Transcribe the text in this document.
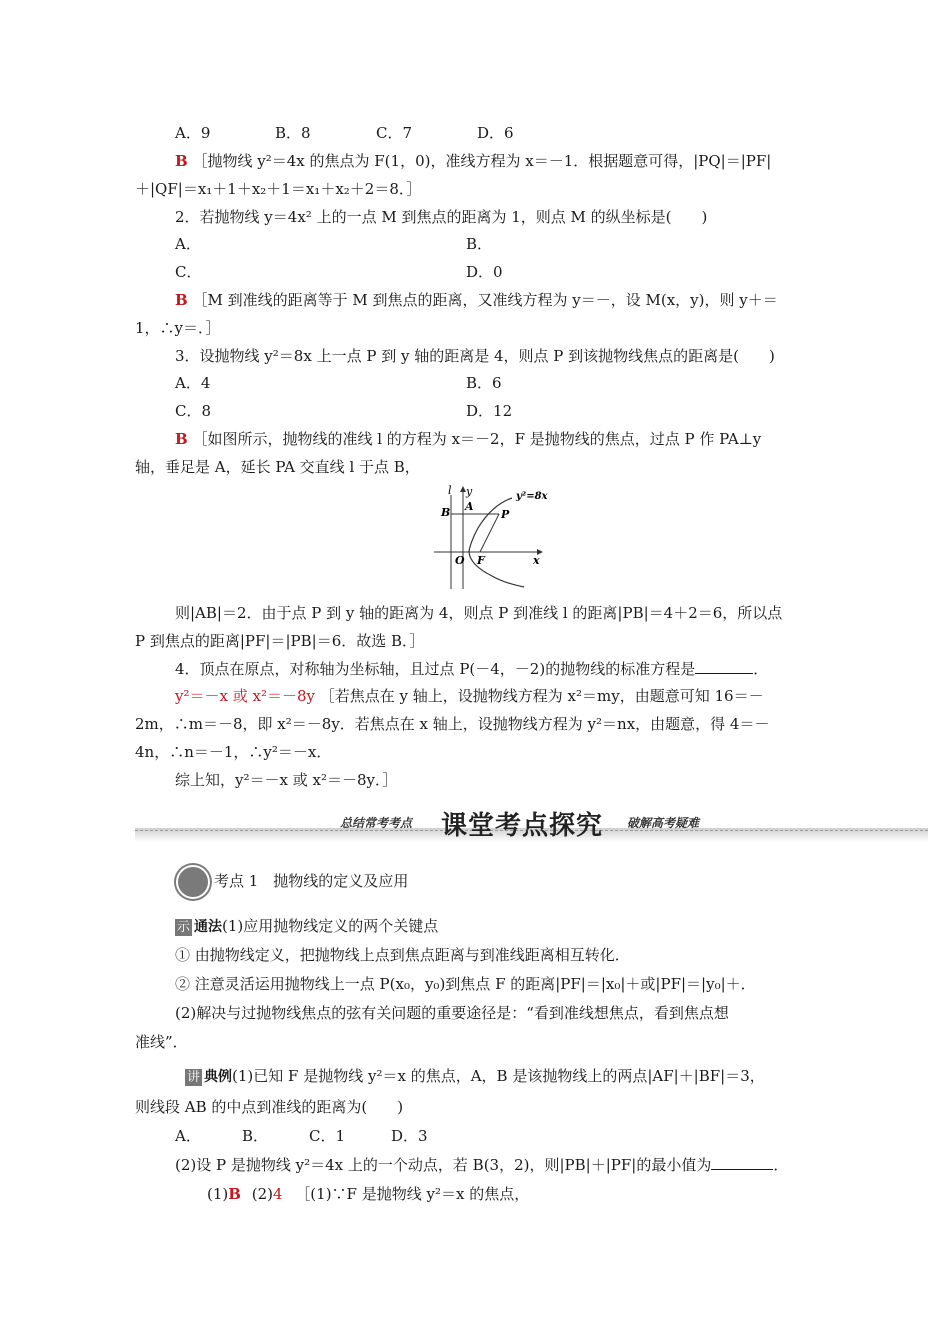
A．9	B．8	C．7	D．6
B ［抛物线 y²＝4x 的焦点为 F(1，0)，准线方程为 x＝－1．根据题意可得，|PQ|＝|PF|
＋|QF|＝x₁＋1＋x₂＋1＝x₁＋x₂＋2＝8．］
2．若抛物线 y＝4x² 上的一点 M 到焦点的距离为 1，则点 M 的纵坐标是(　　)
A．	B．
C．	D．0
B ［M 到准线的距离等于 M 到焦点的距离，又准线方程为 y＝－，设 M(x，y)，则 y＋＝
1，∴y＝．］
3．设抛物线 y²＝8x 上一点 P 到 y 轴的距离是 4，则点 P 到该抛物线焦点的距离是(　　)
A．4	B．6
C．8	D．12
B ［如图所示，抛物线的准线 l 的方程为 x＝－2，F 是抛物线的焦点，过点 P 作 PA⊥y
轴，垂足是 A，延长 PA 交直线 l 于点 B，
l y
A
B	P
O F	x
y²=8x
则|AB|＝2．由于点 P 到 y 轴的距离为 4，则点 P 到准线 l 的距离|PB|＝4＋2＝6，所以点
P 到焦点的距离|PF|＝|PB|＝6．故选 B．］
4．顶点在原点，对称轴为坐标轴，且过点 P(－4，－2)的抛物线的标准方程是	．
y²＝－x 或 x²＝－8y ［若焦点在 y 轴上，设抛物线方程为 x²＝my，由题意可知 16＝－
2m，∴m＝－8，即 x²＝－8y．若焦点在 x 轴上，设抛物线方程为 y²＝nx，由题意，得 4＝－
4n，∴n＝－1，∴y²＝－x．
综上知，y²＝－x 或 x²＝－8y．］
总结常考考点 课堂考点探究 破解高考疑难
考点 1　抛物线的定义及应用
示 通法(1)应用抛物线定义的两个关键点
① 由抛物线定义，把抛物线上点到焦点距离与到准线距离相互转化．
② 注意灵活运用抛物线上一点 P(x₀，y₀)到焦点 F 的距离|PF|＝|x₀|＋或|PF|＝|y₀|＋．
(2)解决与过抛物线焦点的弦有关问题的重要途径是：“看到准线想焦点，看到焦点想
准线”．
讲 典例(1)已知 F 是抛物线 y²＝x 的焦点，A，B 是该抛物线上的两点|AF|＋|BF|＝3，
则线段 AB 的中点到准线的距离为(　　)
A．	B．	C．1	D．3
(2)设 P 是抛物线 y²＝4x 上的一个动点，若 B(3，2)，则|PB|＋|PF|的最小值为	．
(1)B (2)4 ［(1)∵F 是抛物线 y²＝x 的焦点，
